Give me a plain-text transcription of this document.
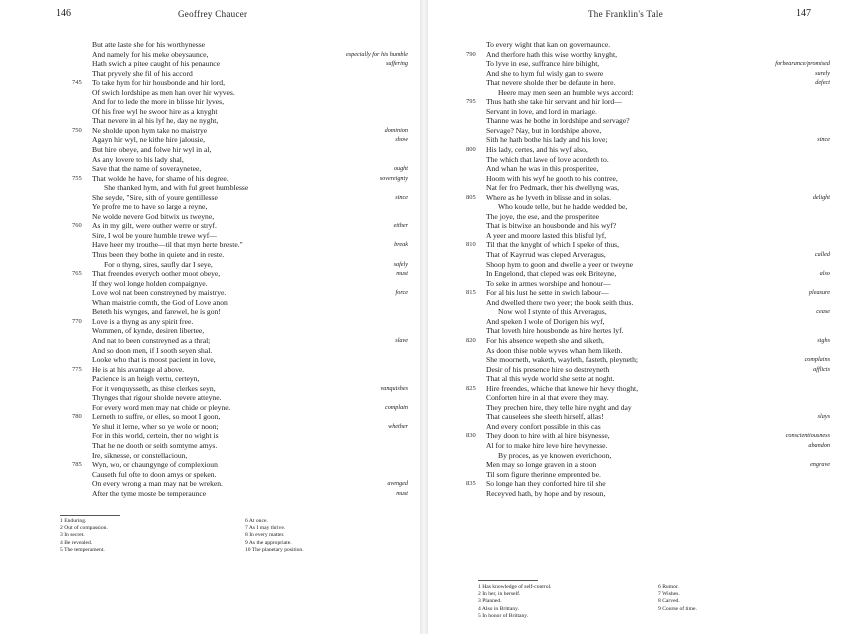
146	Geoffrey Chaucer
But atte laste she for his worthynesse
And namely for his meke obeysaunce,	especially for his humble
Hath swich a pitee caught of his penaunce	suffering
That pryvely she fil of his accord
745 To take hym for hir housbonde and hir lord,
Of swich lordshipe as men han over hir wyves.
And for to lede the more in blisse hir lyves,
Of his free wyl he swoor hire as a knyght
That nevere in al his lyf he, day ne nyght,
750 Ne sholde upon hym take no maistrye	dominion
Agayn hir wyl, ne kithe hire jalousie,	show
But hire obeye, and folwe hir wyl in al,
As any lovere to his lady shal,
Save that the name of soveraynetee,	ought
755 That wolde he have, for shame of his degree.	sovereignty
She thanked hym, and with ful greet humblesse
She seyde, "Sire, sith of youre gentillesse	since
Ye profre me to have so large a reyne,
Ne wolde nevere God bitwix us tweyne,
760 As in my gilt, were outher werre or stryf.	either
Sire, I wol be youre humble trewe wyf—
Have heer my trouthe—til that myn herte breste."	break
Thus been they bothe in quiete and in reste.
For o thyng, sires, saufly dar I seye,	safely
765 That freendes everych oother moot obeye,	must
If they wol longe holden compaignye.
Love wol nat been constreyned by maistrye.	force
Whan maistrie comth, the God of Love anon
Beteth his wynges, and farewel, he is gon!
770 Love is a thyng as any spirit free.
Wommen, of kynde, desiren libertee,
And nat to been constreyned as a thral;	slave
And so doon men, if I sooth seyen shal.
Looke who that is moost pacient in love,
775 He is at his avantage al above.
Pacience is an heigh vertu, certeyn,
For it venquysseth, as thise clerkes seyn,	vanquishes
Thynges that rigour sholde nevere atteyne.
For every word men may nat chide or pleyne.	complain
780 Lerneth to suffre, or elles, so moot I goon,
Ye shul it lerne, wher so ye wole or noon;	whether
For in this world, certein, ther no wight is
That he ne dooth or seith somtyme amys.
Ire, siknesse, or constellacioun,
785 Wyn, wo, or chaungynge of complexioun
Causeth ful ofte to doon amys or speken.
On every wrong a man may nat be wreken.	avenged
After the tyme moste be temperaunce	must
1 Enduring.
2 Out of compassion.
3 In secret.
4 Be revealed.
5 The temperament.
6 At once.
7 As I may thrive.
8 In every matter.
9 As the appropriate.
10 The planetary position.
The Franklin's Tale	147
To every wight that kan on governaunce.
790 And therfore hath this wise worthy knyght,
To lyve in ese, suffrance hire bihight,	forbearance/promised
And she to hym ful wisly gan to swere	surely
That nevere sholde ther be defaute in here.	defect
Heere may men seen an humble wys accord:
795 Thus hath she take hir servant and hir lord—
Servant in love, and lord in mariage.
Thanne was he bothe in lordshipe and servage?
Servage? Nay, but in lordshipe above,
Sith he hath bothe his lady and his love;	since
800 His lady, certes, and his wyf also,
The which that lawe of love acordeth to.
And whan he was in this prosperitee,
Hoom with his wyf he gooth to his contree,
Nat fer fro Pedmark, ther his dwellyng was,
805 Where as he lyveth in blisse and in solas.	delight
Who koude telle, but he hadde wedded be,
The joye, the ese, and the prosperitee
That is bitwixe an housbonde and his wyf?
A yeer and moore lasted this blisful lyf,
810 Til that the knyght of which I speke of thus,
That of Kayrrud was cleped Arveragus,	called
Shoop hym to goon and dwelle a yeer or tweyne
In Engelond, that cleped was eek Briteyne,	also
To seke in armes worshipe and honour—
815 For al his lust he sette in swich labour—	pleasure
And dwelled there two yeer; the book seith thus.
Now wol I stynte of this Arveragus,	cease
And speken I wole of Dorigen his wyf,
That loveth hire housbonde as hire hertes lyf.
820 For his absence wepeth she and siketh,	sighs
As doon thise noble wyves whan hem liketh.
She moorneth, waketh, wayleth, fasteth, pleyneth;	complains
Desir of his presence hire so destreyneth	afflicts
That al this wyde world she sette at noght.
825 Hire freendes, whiche that knewe hir hevy thoght,
Conforten hire in al that evere they may.
They prechen hire, they telle hire nyght and day
That causelees she sleeth hirself, allas!	slays
And every confort possible in this cas
830 They doon to hire with al hire bisynesse,	conscientiousness
Al for to make hire leve hire hevynesse.	abandon
By proces, as ye knowen everichoon,
Men may so longe graven in a stoon	engrave
Til som figure therinne emprented be.
835 So longe han they conforted hire til she
Receyved hath, by hope and by resoun,
1 Has knowledge of self-control.
2 In her, in herself.
3 Planned.
4 Also in Brittany.
5 In honor of Brittany.
6 Rumor.
7 Wishes.
8 Carved.
9 Course of time.
